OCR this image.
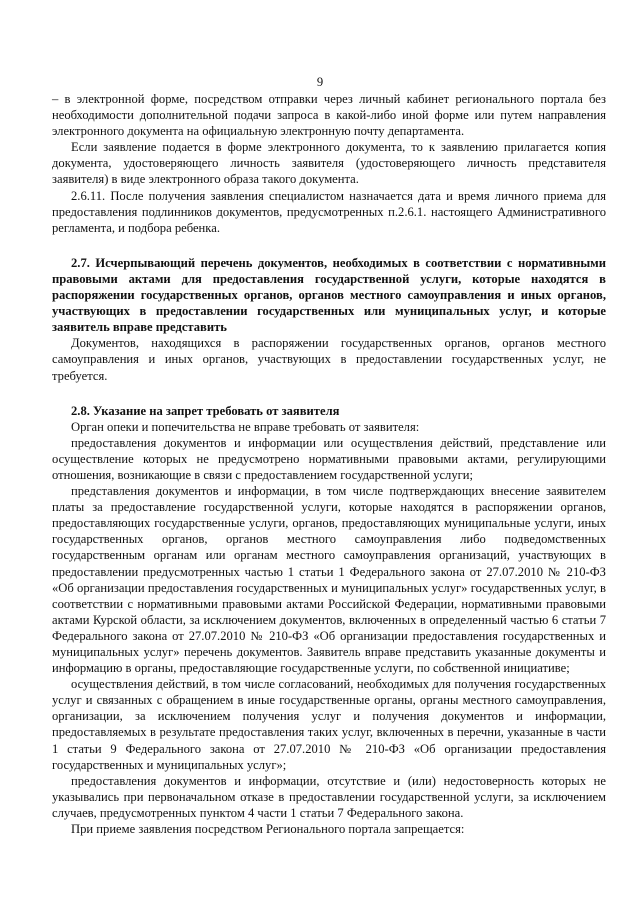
9

– в электронной форме, посредством отправки через личный кабинет регионального портала без необходимости дополнительной подачи запроса в какой-либо иной форме или путем направления электронного документа на официальную электронную почту департамента.

Если заявление подается в форме электронного документа, то к заявлению прилагается копия документа, удостоверяющего личность заявителя (удостоверяющего личность представителя заявителя) в виде электронного образа такого документа.

2.6.11. После получения заявления специалистом назначается дата и время личного приема для предоставления подлинников документов, предусмотренных п.2.6.1. настоящего Административного регламента, и подбора ребенка.

2.7. Исчерпывающий перечень документов, необходимых в соответствии с нормативными правовыми актами для предоставления государственной услуги, которые находятся в распоряжении государственных органов, органов местного самоуправления и иных органов, участвующих в предоставлении государственных или муниципальных услуг, и которые заявитель вправе представить

Документов, находящихся в распоряжении государственных органов, органов местного самоуправления и иных органов, участвующих в предоставлении государственных услуг, не требуется.

2.8. Указание на запрет требовать от заявителя

Орган опеки и попечительства не вправе требовать от заявителя:

предоставления документов и информации или осуществления действий, представление или осуществление которых не предусмотрено нормативными правовыми актами, регулирующими отношения, возникающие в связи с предоставлением государственной услуги;

представления документов и информации, в том числе подтверждающих внесение заявителем платы за предоставление государственной услуги, которые находятся в распоряжении органов, предоставляющих государственные услуги, органов, предоставляющих муниципальные услуги, иных государственных органов, органов местного самоуправления либо подведомственных государственным органам или органам местного самоуправления организаций, участвующих в предоставлении предусмотренных частью 1 статьи 1 Федерального закона от 27.07.2010 № 210-ФЗ «Об организации предоставления государственных и муниципальных услуг» государственных услуг, в соответствии с нормативными правовыми актами Российской Федерации, нормативными правовыми актами Курской области, за исключением документов, включенных в определенный частью 6 статьи 7 Федерального закона от 27.07.2010 № 210-ФЗ «Об организации предоставления государственных и муниципальных услуг» перечень документов. Заявитель вправе представить указанные документы и информацию в органы, предоставляющие государственные услуги, по собственной инициативе;

осуществления действий, в том числе согласований, необходимых для получения государственных услуг и связанных с обращением в иные государственные органы, органы местного самоуправления, организации, за исключением получения услуг и получения документов и информации, предоставляемых в результате предоставления таких услуг, включенных в перечни, указанные в части 1 статьи 9 Федерального закона от 27.07.2010 № 210-ФЗ «Об организации предоставления государственных и муниципальных услуг»;

предоставления документов и информации, отсутствие и (или) недостоверность которых не указывались при первоначальном отказе в предоставлении государственной услуги, за исключением случаев, предусмотренных пунктом 4 части 1 статьи 7 Федерального закона.

При приеме заявления посредством Регионального портала запрещается:
